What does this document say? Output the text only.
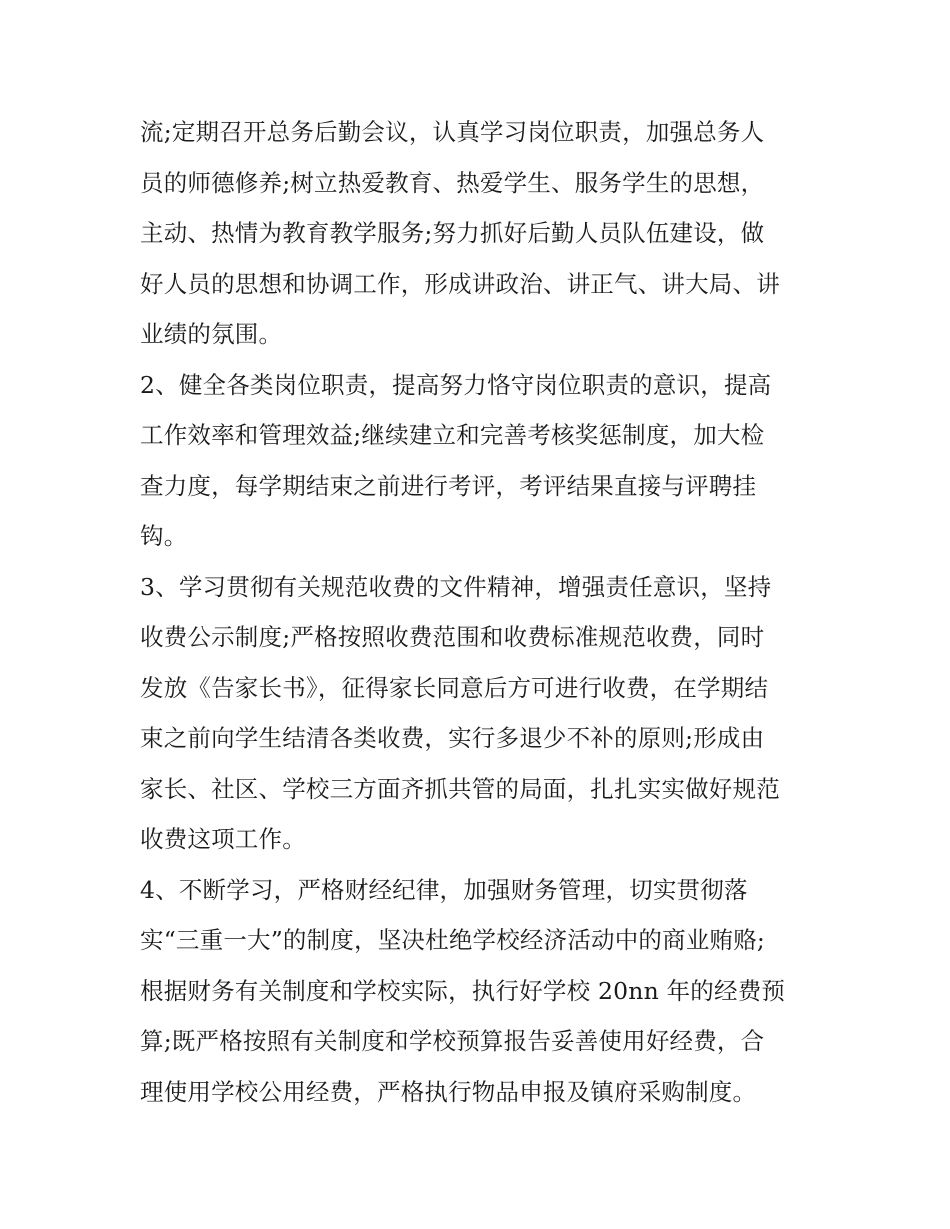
流;定期召开总务后勤会议，认真学习岗位职责，加强总务人
员的师德修养;树立热爱教育、热爱学生、服务学生的思想，
主动、热情为教育教学服务;努力抓好后勤人员队伍建设，做
好人员的思想和协调工作，形成讲政治、讲正气、讲大局、讲
业绩的氛围。
2、健全各类岗位职责，提高努力恪守岗位职责的意识，提高
工作效率和管理效益;继续建立和完善考核奖惩制度，加大检
查力度，每学期结束之前进行考评，考评结果直接与评聘挂
钩。
3、学习贯彻有关规范收费的文件精神，增强责任意识，坚持
收费公示制度;严格按照收费范围和收费标准规范收费，同时
发放《告家长书》，征得家长同意后方可进行收费，在学期结
束之前向学生结清各类收费，实行多退少不补的原则;形成由
家长、社区、学校三方面齐抓共管的局面，扎扎实实做好规范
收费这项工作。
4、不断学习，严格财经纪律，加强财务管理，切实贯彻落
实“三重一大”的制度，坚决杜绝学校经济活动中的商业贿赂;
根据财务有关制度和学校实际，执行好学校 20nn 年的经费预
算;既严格按照有关制度和学校预算报告妥善使用好经费，合
理使用学校公用经费，严格执行物品申报及镇府采购制度。
